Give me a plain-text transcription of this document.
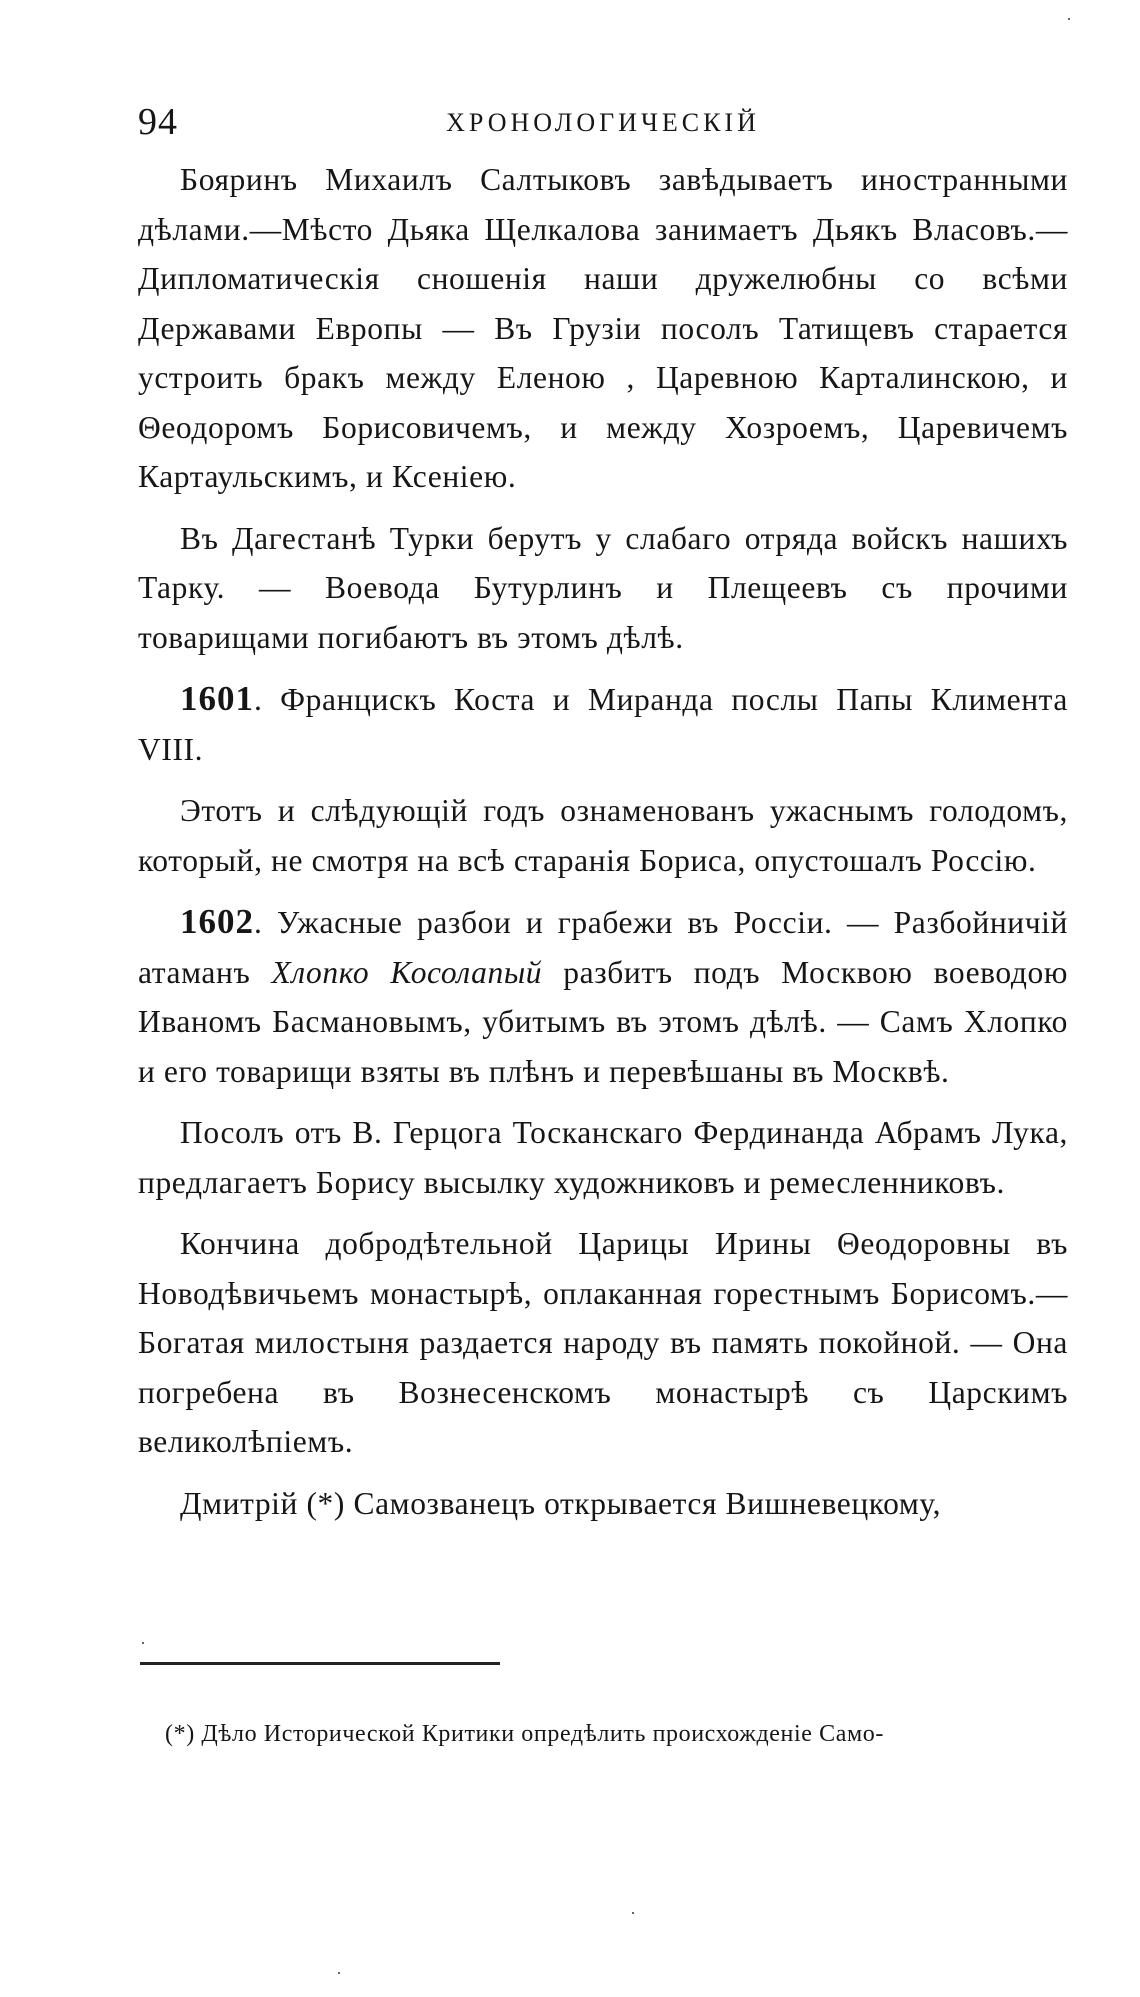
94	ХРОНОЛОГИЧЕСКІЙ

Бояринъ Михаилъ Салтыковъ завѣдываетъ иностранными дѣлами.—Мѣсто Дьяка Щелкалова занимаетъ Дьякъ Власовъ.—Дипломатическія сношенія наши дружелюбны со всѣми Державами Европы — Въ Грузіи посолъ Татищевъ старается устроить бракъ между Еленою , Царевною Карталинскою, и Θеодоромъ Борисовичемъ, и между Хозроемъ, Царевичемъ Картаульскимъ, и Ксеніею.

Въ Дагестанѣ Турки берутъ у слабаго отряда войскъ нашихъ Тарку. — Воевода Бутурлинъ и Плещеевъ съ прочими товарищами погибаютъ въ этомъ дѣлѣ.

1601. Францискъ Коста и Миранда послы Папы Климента VIII.

Этотъ и слѣдующій годъ ознаменованъ ужаснымъ голодомъ, который, не смотря на всѣ старанія Бориса, опустошалъ Россію.

1602. Ужасные разбои и грабежи въ Россіи. — Разбойничій атаманъ Хлопко Косолапый разбитъ подъ Москвою воеводою Иваномъ Басмановымъ, убитымъ въ этомъ дѣлѣ. — Самъ Хлопко и его товарищи взяты въ плѣнъ и перевѣшаны въ Москвѣ.

Посолъ отъ В. Герцога Тосканскаго Фердинанда Абрамъ Лука, предлагаетъ Борису высылку художниковъ и ремесленниковъ.

Кончина добродѣтельной Царицы Ирины Θеодоровны въ Новодѣвичьемъ монастырѣ, оплаканная горестнымъ Борисомъ.—Богатая милостыня раздается народу въ память покойной. — Она погребена въ Вознесенскомъ монастырѣ съ Царскимъ великолѣпіемъ.

Дмитрій (*) Самозванецъ открывается Вишневецкому,

(*) Дѣло Исторической Критики опредѣлить происхожденіе Само-
